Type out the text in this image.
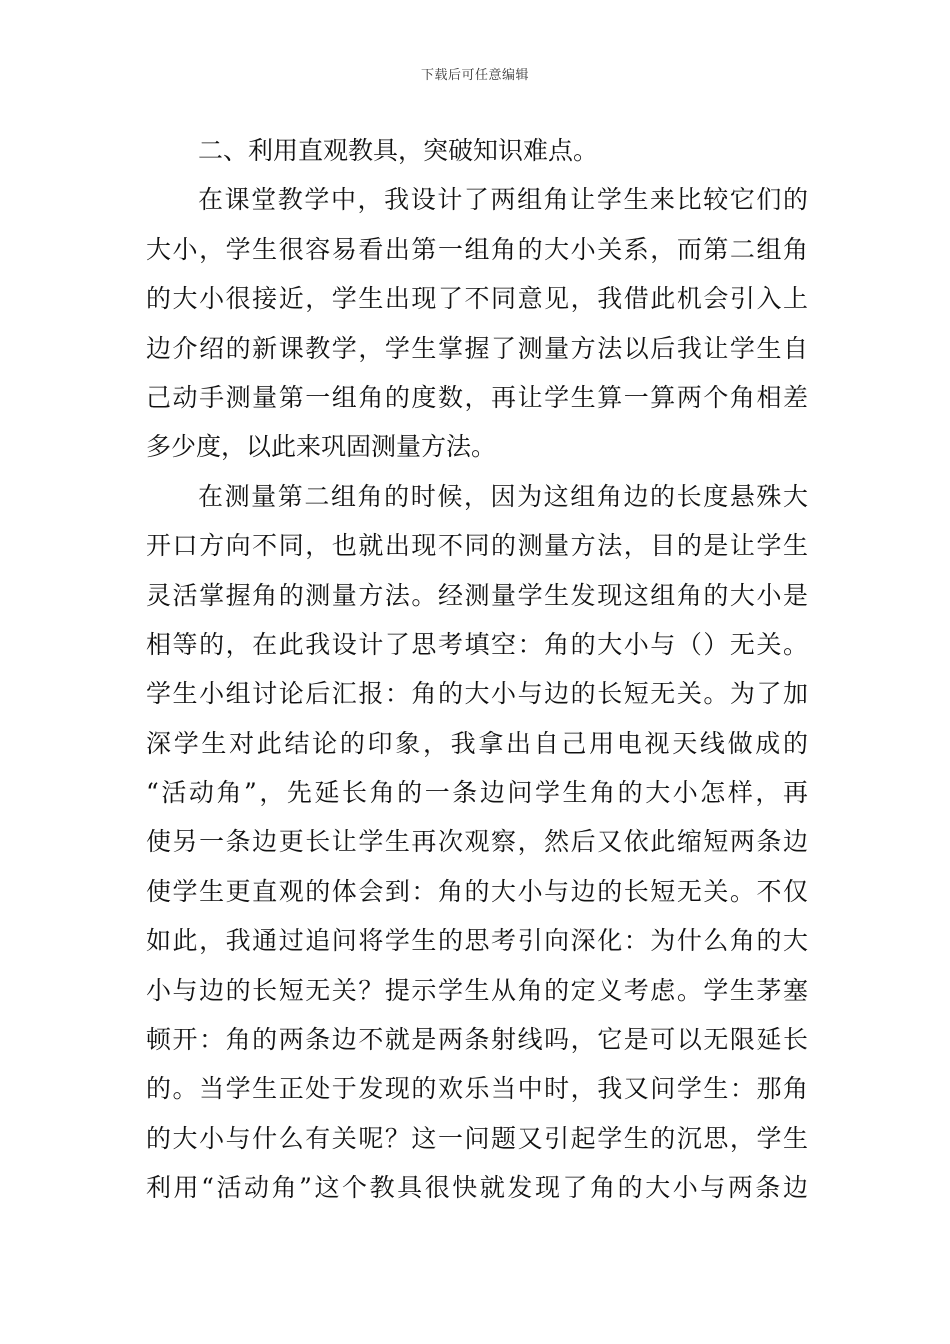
下载后可任意编辑
二、利用直观教具，突破知识难点。
在课堂教学中，我设计了两组角让学生来比较它们的
大小，学生很容易看出第一组角的大小关系，而第二组角
的大小很接近，学生出现了不同意见，我借此机会引入上
边介绍的新课教学，学生掌握了测量方法以后我让学生自
己动手测量第一组角的度数，再让学生算一算两个角相差
多少度，以此来巩固测量方法。
在测量第二组角的时候，因为这组角边的长度悬殊大
开口方向不同，也就出现不同的测量方法，目的是让学生
灵活掌握角的测量方法。经测量学生发现这组角的大小是
相等的，在此我设计了思考填空：角的大小与（）无关。
学生小组讨论后汇报：角的大小与边的长短无关。为了加
深学生对此结论的印象，我拿出自己用电视天线做成的
“活动角”，先延长角的一条边问学生角的大小怎样，再
使另一条边更长让学生再次观察，然后又依此缩短两条边
使学生更直观的体会到：角的大小与边的长短无关。不仅
如此，我通过追问将学生的思考引向深化：为什么角的大
小与边的长短无关？提示学生从角的定义考虑。学生茅塞
顿开：角的两条边不就是两条射线吗，它是可以无限延长
的。当学生正处于发现的欢乐当中时，我又问学生：那角
的大小与什么有关呢？这一问题又引起学生的沉思，学生
利用“活动角”这个教具很快就发现了角的大小与两条边
